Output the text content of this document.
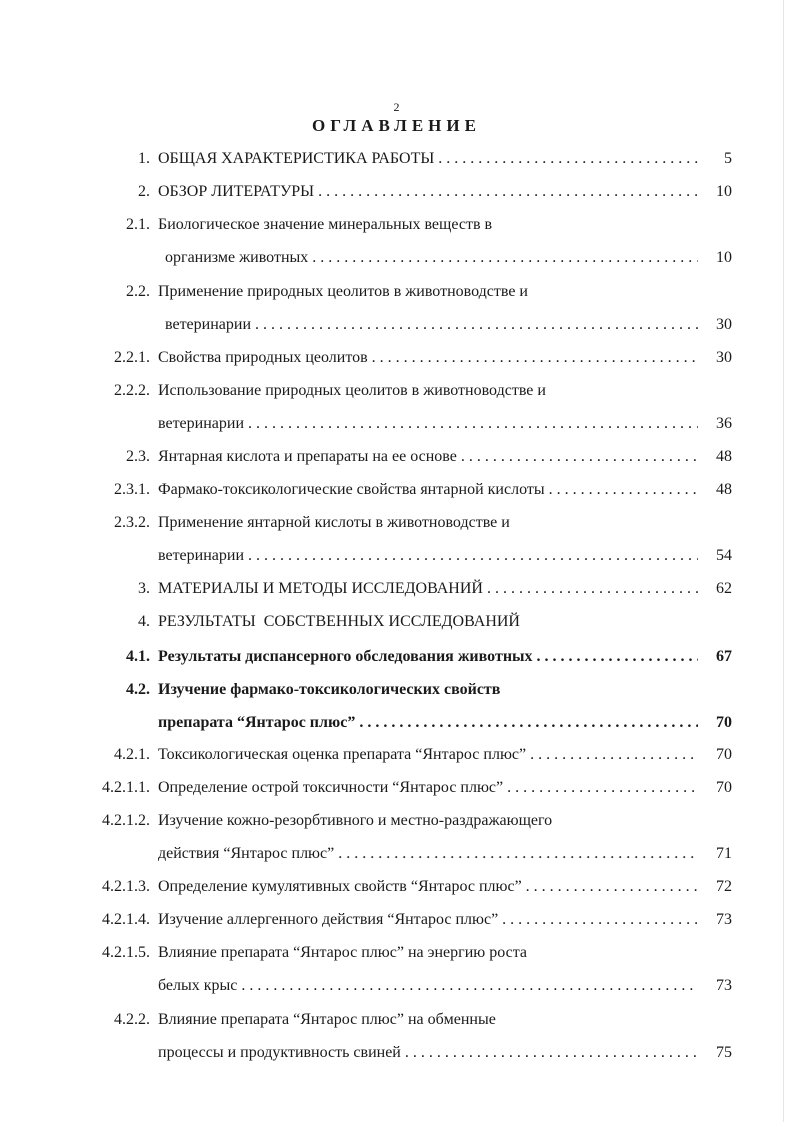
2
ОГЛАВЛЕНИЕ
1. ОБЩАЯ ХАРАКТЕРИСТИКА РАБОТЫ . . .	5
2. ОБЗОР ЛИТЕРАТУРЫ . . .	10
2.1. Биологическое значение минеральных веществ в
организме животных . . .	10
2.2. Применение природных цеолитов в животноводстве и
ветеринарии . . .	30
2.2.1. Свойства природных цеолитов . . .	30
2.2.2. Использование природных цеолитов в животноводстве и
ветеринарии . . .	36
2.3. Янтарная кислота и препараты на ее основе . . .	48
2.3.1. Фармако-токсикологические свойства янтарной кислоты . . .	48
2.3.2. Применение янтарной кислоты в животноводстве и
ветеринарии . . .	54
3. МАТЕРИАЛЫ И МЕТОДЫ ИССЛЕДОВАНИЙ . . .	62
4. РЕЗУЛЬТАТЫ  СОБСТВЕННЫХ ИССЛЕДОВАНИЙ
4.1. Результаты диспансерного обследования животных . . .	67
4.2. Изучение фармако-токсикологических свойств
препарата “Янтарос плюс” . . .	70
4.2.1. Токсикологическая оценка препарата “Янтарос плюс” . . .	70
4.2.1.1. Определение острой токсичности “Янтарос плюс” . . .	70
4.2.1.2. Изучение кожно-резорбтивного и местно-раздражающего
действия “Янтарос плюс” . . .	71
4.2.1.3. Определение кумулятивных свойств “Янтарос плюс” . . .	72
4.2.1.4. Изучение аллергенного действия “Янтарос плюс” . . .	73
4.2.1.5. Влияние препарата “Янтарос плюс” на энергию роста
белых крыс . . .	73
4.2.2. Влияние препарата “Янтарос плюс” на обменные
процессы и продуктивность свиней . . .	75
